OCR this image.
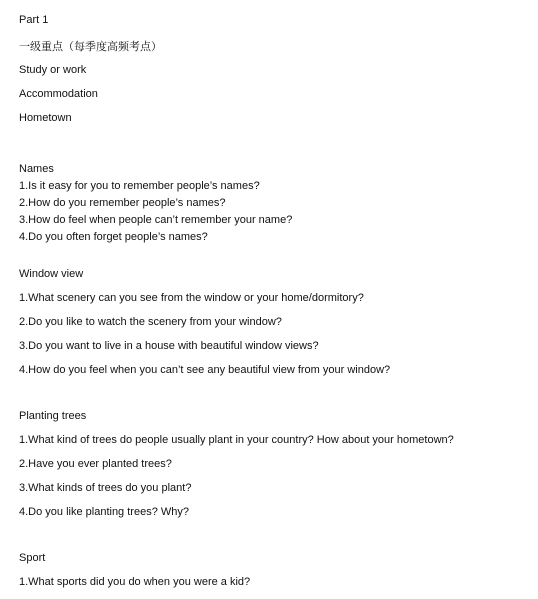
Part 1
一级重点（每季度高频考点）
Study or work
Accommodation
Hometown
Names
1.Is it easy for you to remember people’s names?
2.How do you remember people’s names?
3.How do feel when people can’t remember your name?
4.Do you often forget people’s names?
Window view
1.What scenery can you see from the window or your home/dormitory?
2.Do you like to watch the scenery from your window?
3.Do you want to live in a house with beautiful window views?
4.How do you feel when you can’t see any beautiful view from your window?
Planting trees
1.What kind of trees do people usually plant in your country? How about your hometown?
2.Have you ever planted trees?
3.What kinds of trees do you plant?
4.Do you like planting trees? Why?
Sport
1.What sports did you do when you were a kid?
